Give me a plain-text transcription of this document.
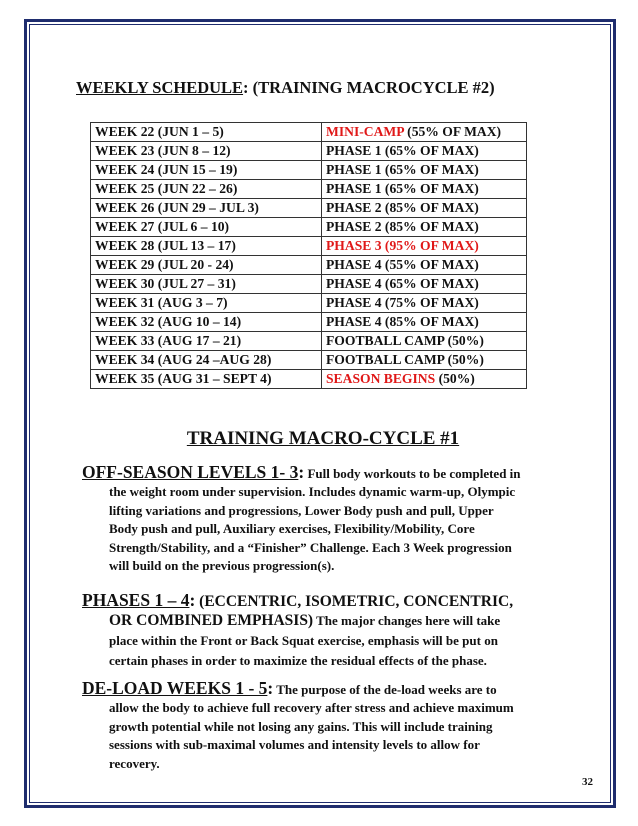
WEEKLY SCHEDULE: (TRAINING MACROCYCLE #2)
WEEK 22 (JUN 1 – 5)	MINI-CAMP (55% OF MAX)
WEEK 23 (JUN 8 – 12)	PHASE 1 (65% OF MAX)
WEEK 24 (JUN 15 – 19)	PHASE 1 (65% OF MAX)
WEEK 25 (JUN 22 – 26)	PHASE 1 (65% OF MAX)
WEEK 26 (JUN 29 – JUL 3)	PHASE 2 (85% OF MAX)
WEEK 27 (JUL 6 – 10)	PHASE 2 (85% OF MAX)
WEEK 28 (JUL 13 – 17)	PHASE 3 (95% OF MAX)
WEEK 29 (JUL 20 - 24)	PHASE 4 (55% OF MAX)
WEEK 30 (JUL 27 – 31)	PHASE 4 (65% OF MAX)
WEEK 31 (AUG 3 – 7)	PHASE 4 (75% OF MAX)
WEEK 32 (AUG 10 – 14)	PHASE 4 (85% OF MAX)
WEEK 33 (AUG 17 – 21)	FOOTBALL CAMP (50%)
WEEK 34 (AUG 24 –AUG 28)	FOOTBALL CAMP (50%)
WEEK 35 (AUG 31 – SEPT 4)	SEASON BEGINS (50%)
TRAINING MACRO-CYCLE #1
OFF-SEASON LEVELS 1- 3: Full body workouts to be completed in
the weight room under supervision. Includes dynamic warm-up, Olympic
lifting variations and progressions, Lower Body push and pull, Upper
Body push and pull, Auxiliary exercises, Flexibility/Mobility, Core
Strength/Stability, and a “Finisher” Challenge. Each 3 Week progression
will build on the previous progression(s).
PHASES 1 – 4: (ECCENTRIC, ISOMETRIC, CONCENTRIC,
OR COMBINED EMPHASIS) The major changes here will take
place within the Front or Back Squat exercise, emphasis will be put on
certain phases in order to maximize the residual effects of the phase.
DE-LOAD WEEKS 1 - 5: The purpose of the de-load weeks are to
allow the body to achieve full recovery after stress and achieve maximum
growth potential while not losing any gains. This will include training
sessions with sub-maximal volumes and intensity levels to allow for
recovery.
32
